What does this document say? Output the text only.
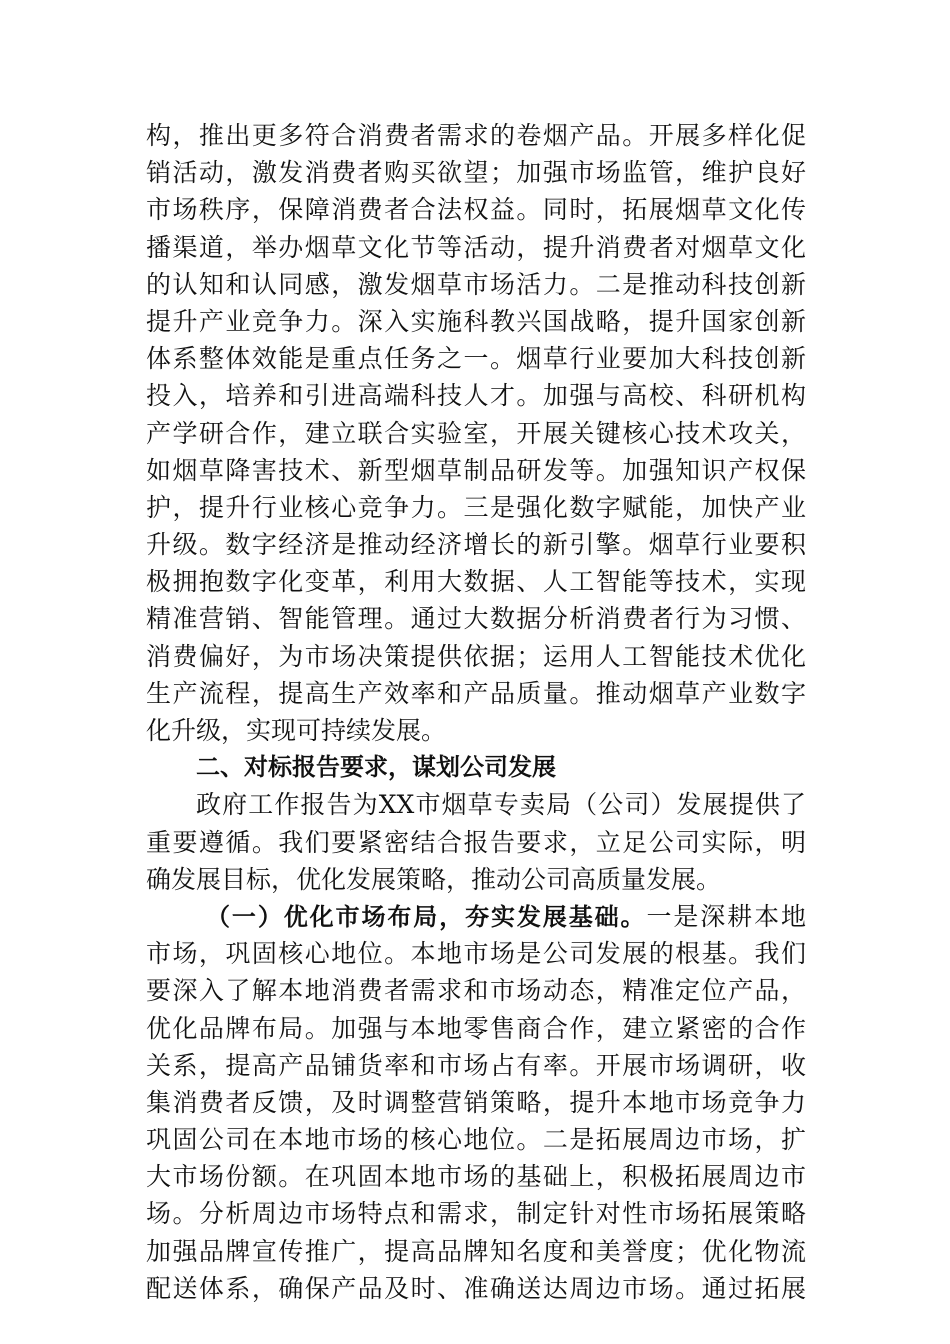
构，推出更多符合消费者需求的卷烟产品。开展多样化促
销活动，激发消费者购买欲望；加强市场监管，维护良好
市场秩序，保障消费者合法权益。同时，拓展烟草文化传
播渠道，举办烟草文化节等活动，提升消费者对烟草文化
的认知和认同感，激发烟草市场活力。二是推动科技创新
提升产业竞争力。深入实施科教兴国战略，提升国家创新
体系整体效能是重点任务之一。烟草行业要加大科技创新
投入，培养和引进高端科技人才。加强与高校、科研机构
产学研合作，建立联合实验室，开展关键核心技术攻关，
如烟草降害技术、新型烟草制品研发等。加强知识产权保
护，提升行业核心竞争力。三是强化数字赋能，加快产业
升级。数字经济是推动经济增长的新引擎。烟草行业要积
极拥抱数字化变革，利用大数据、人工智能等技术，实现
精准营销、智能管理。通过大数据分析消费者行为习惯、
消费偏好，为市场决策提供依据；运用人工智能技术优化
生产流程，提高生产效率和产品质量。推动烟草产业数字
化升级，实现可持续发展。
二、对标报告要求，谋划公司发展
政府工作报告为XX市烟草专卖局（公司）发展提供了
重要遵循。我们要紧密结合报告要求，立足公司实际，明
确发展目标，优化发展策略，推动公司高质量发展。
（一）优化市场布局，夯实发展基础。一是深耕本地
市场，巩固核心地位。本地市场是公司发展的根基。我们
要深入了解本地消费者需求和市场动态，精准定位产品，
优化品牌布局。加强与本地零售商合作，建立紧密的合作
关系，提高产品铺货率和市场占有率。开展市场调研，收
集消费者反馈，及时调整营销策略，提升本地市场竞争力
巩固公司在本地市场的核心地位。二是拓展周边市场，扩
大市场份额。在巩固本地市场的基础上，积极拓展周边市
场。分析周边市场特点和需求，制定针对性市场拓展策略
加强品牌宣传推广，提高品牌知名度和美誉度；优化物流
配送体系，确保产品及时、准确送达周边市场。通过拓展
